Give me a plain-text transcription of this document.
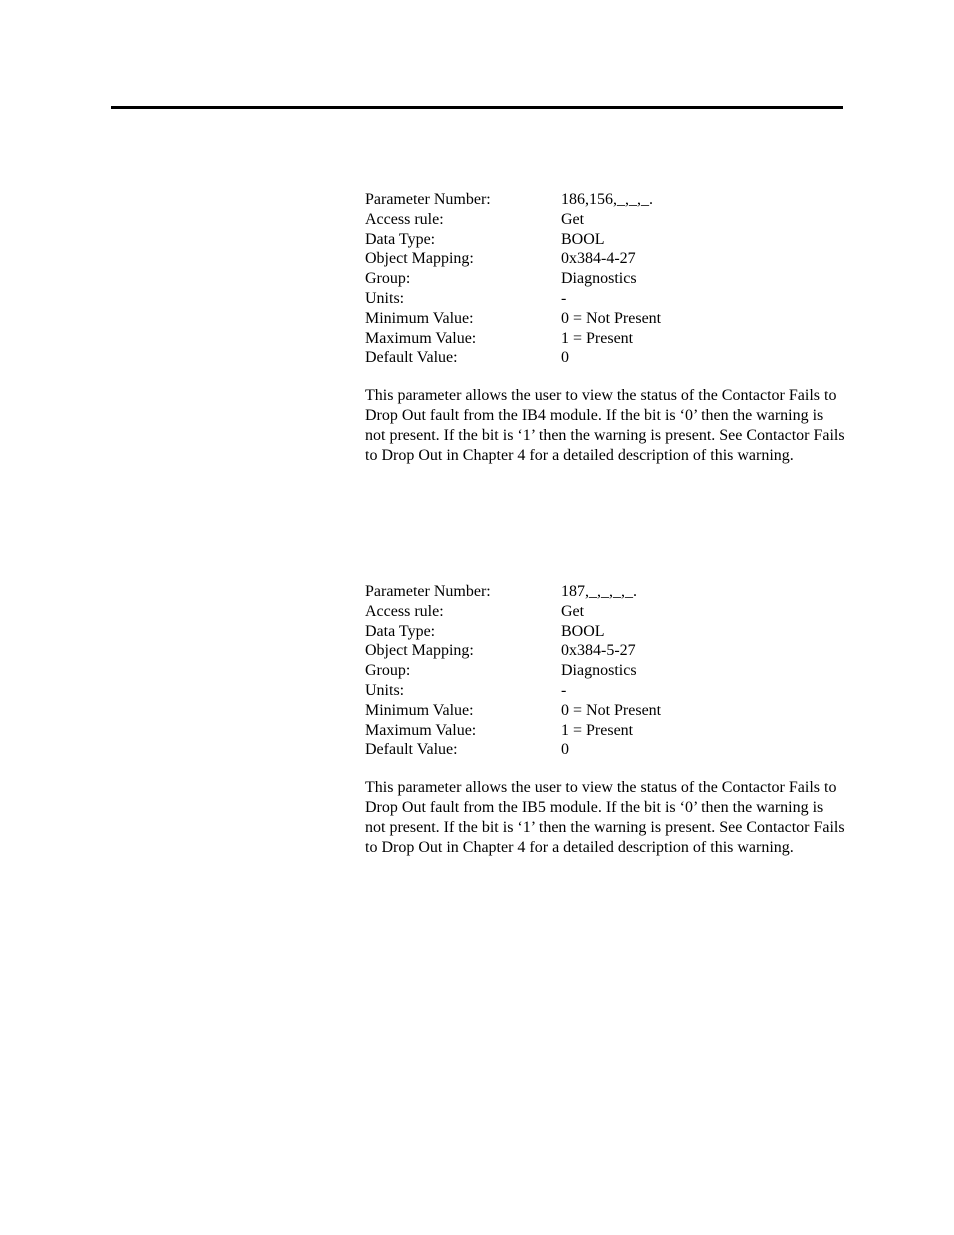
Parameter Number:	186,156,_,_,_.
Access rule:	Get
Data Type:	BOOL
Object Mapping:	0x384-4-27
Group:	Diagnostics
Units:	-
Minimum Value:	0 = Not Present
Maximum Value:	1 = Present
Default Value:	0

This parameter allows the user to view the status of the Contactor Fails to Drop Out fault from the IB4 module. If the bit is ‘0’ then the warning is not present. If the bit is ‘1’ then the warning is present. See Contactor Fails to Drop Out in Chapter 4 for a detailed description of this warning.

Parameter Number:	187,_,_,_,_.
Access rule:	Get
Data Type:	BOOL
Object Mapping:	0x384-5-27
Group:	Diagnostics
Units:	-
Minimum Value:	0 = Not Present
Maximum Value:	1 = Present
Default Value:	0

This parameter allows the user to view the status of the Contactor Fails to Drop Out fault from the IB5 module. If the bit is ‘0’ then the warning is not present. If the bit is ‘1’ then the warning is present. See Contactor Fails to Drop Out in Chapter 4 for a detailed description of this warning.
